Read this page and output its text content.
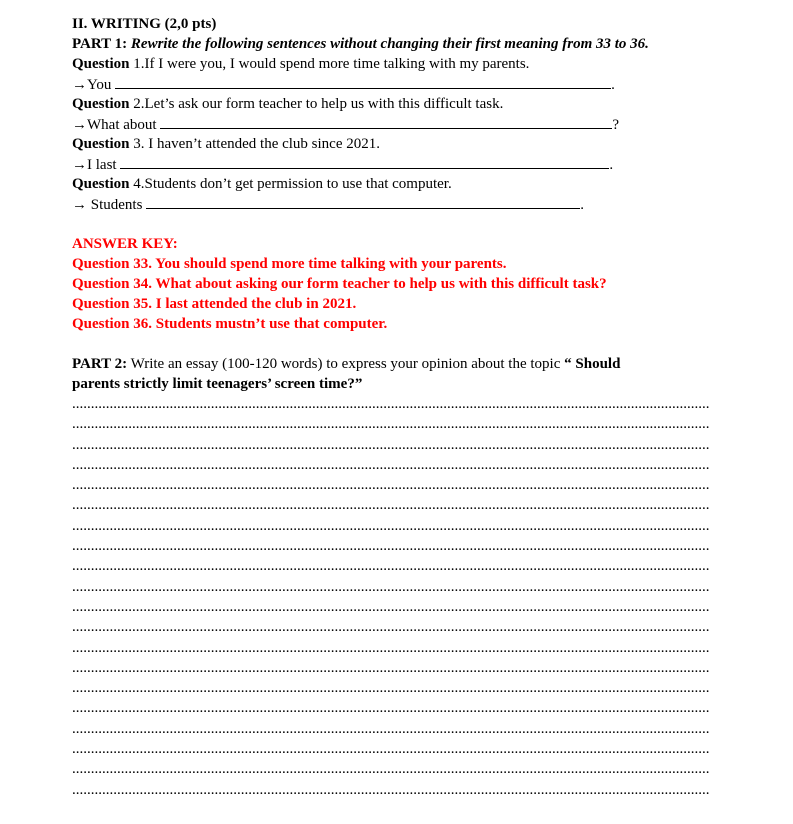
II. WRITING (2,0 pts)
PART 1: Rewrite the following sentences without changing their first meaning from 33 to 36.
Question 1.If I were you, I would spend more time talking with my parents.
→You	.
Question 2.Let’s ask our form teacher to help us with this difficult task.
→What about	?
Question 3. I haven’t attended the club since 2021.
→I last	.
Question 4.Students don’t get permission to use that computer.
→ Students	.
ANSWER KEY:
Question 33. You should spend more time talking with your parents.
Question 34. What about asking our form teacher to help us with this difficult task?
Question 35. I last attended the club in 2021.
Question 36. Students mustn’t use that computer.
PART 2: Write an essay (100-120 words) to express your opinion about the topic “ Should
parents strictly limit teenagers’ screen time?”
..........................................................................................................................................................................
..........................................................................................................................................................................
..........................................................................................................................................................................
..........................................................................................................................................................................
..........................................................................................................................................................................
..........................................................................................................................................................................
..........................................................................................................................................................................
..........................................................................................................................................................................
..........................................................................................................................................................................
..........................................................................................................................................................................
..........................................................................................................................................................................
..........................................................................................................................................................................
..........................................................................................................................................................................
..........................................................................................................................................................................
..........................................................................................................................................................................
..........................................................................................................................................................................
..........................................................................................................................................................................
..........................................................................................................................................................................
..........................................................................................................................................................................
..........................................................................................................................................................................
